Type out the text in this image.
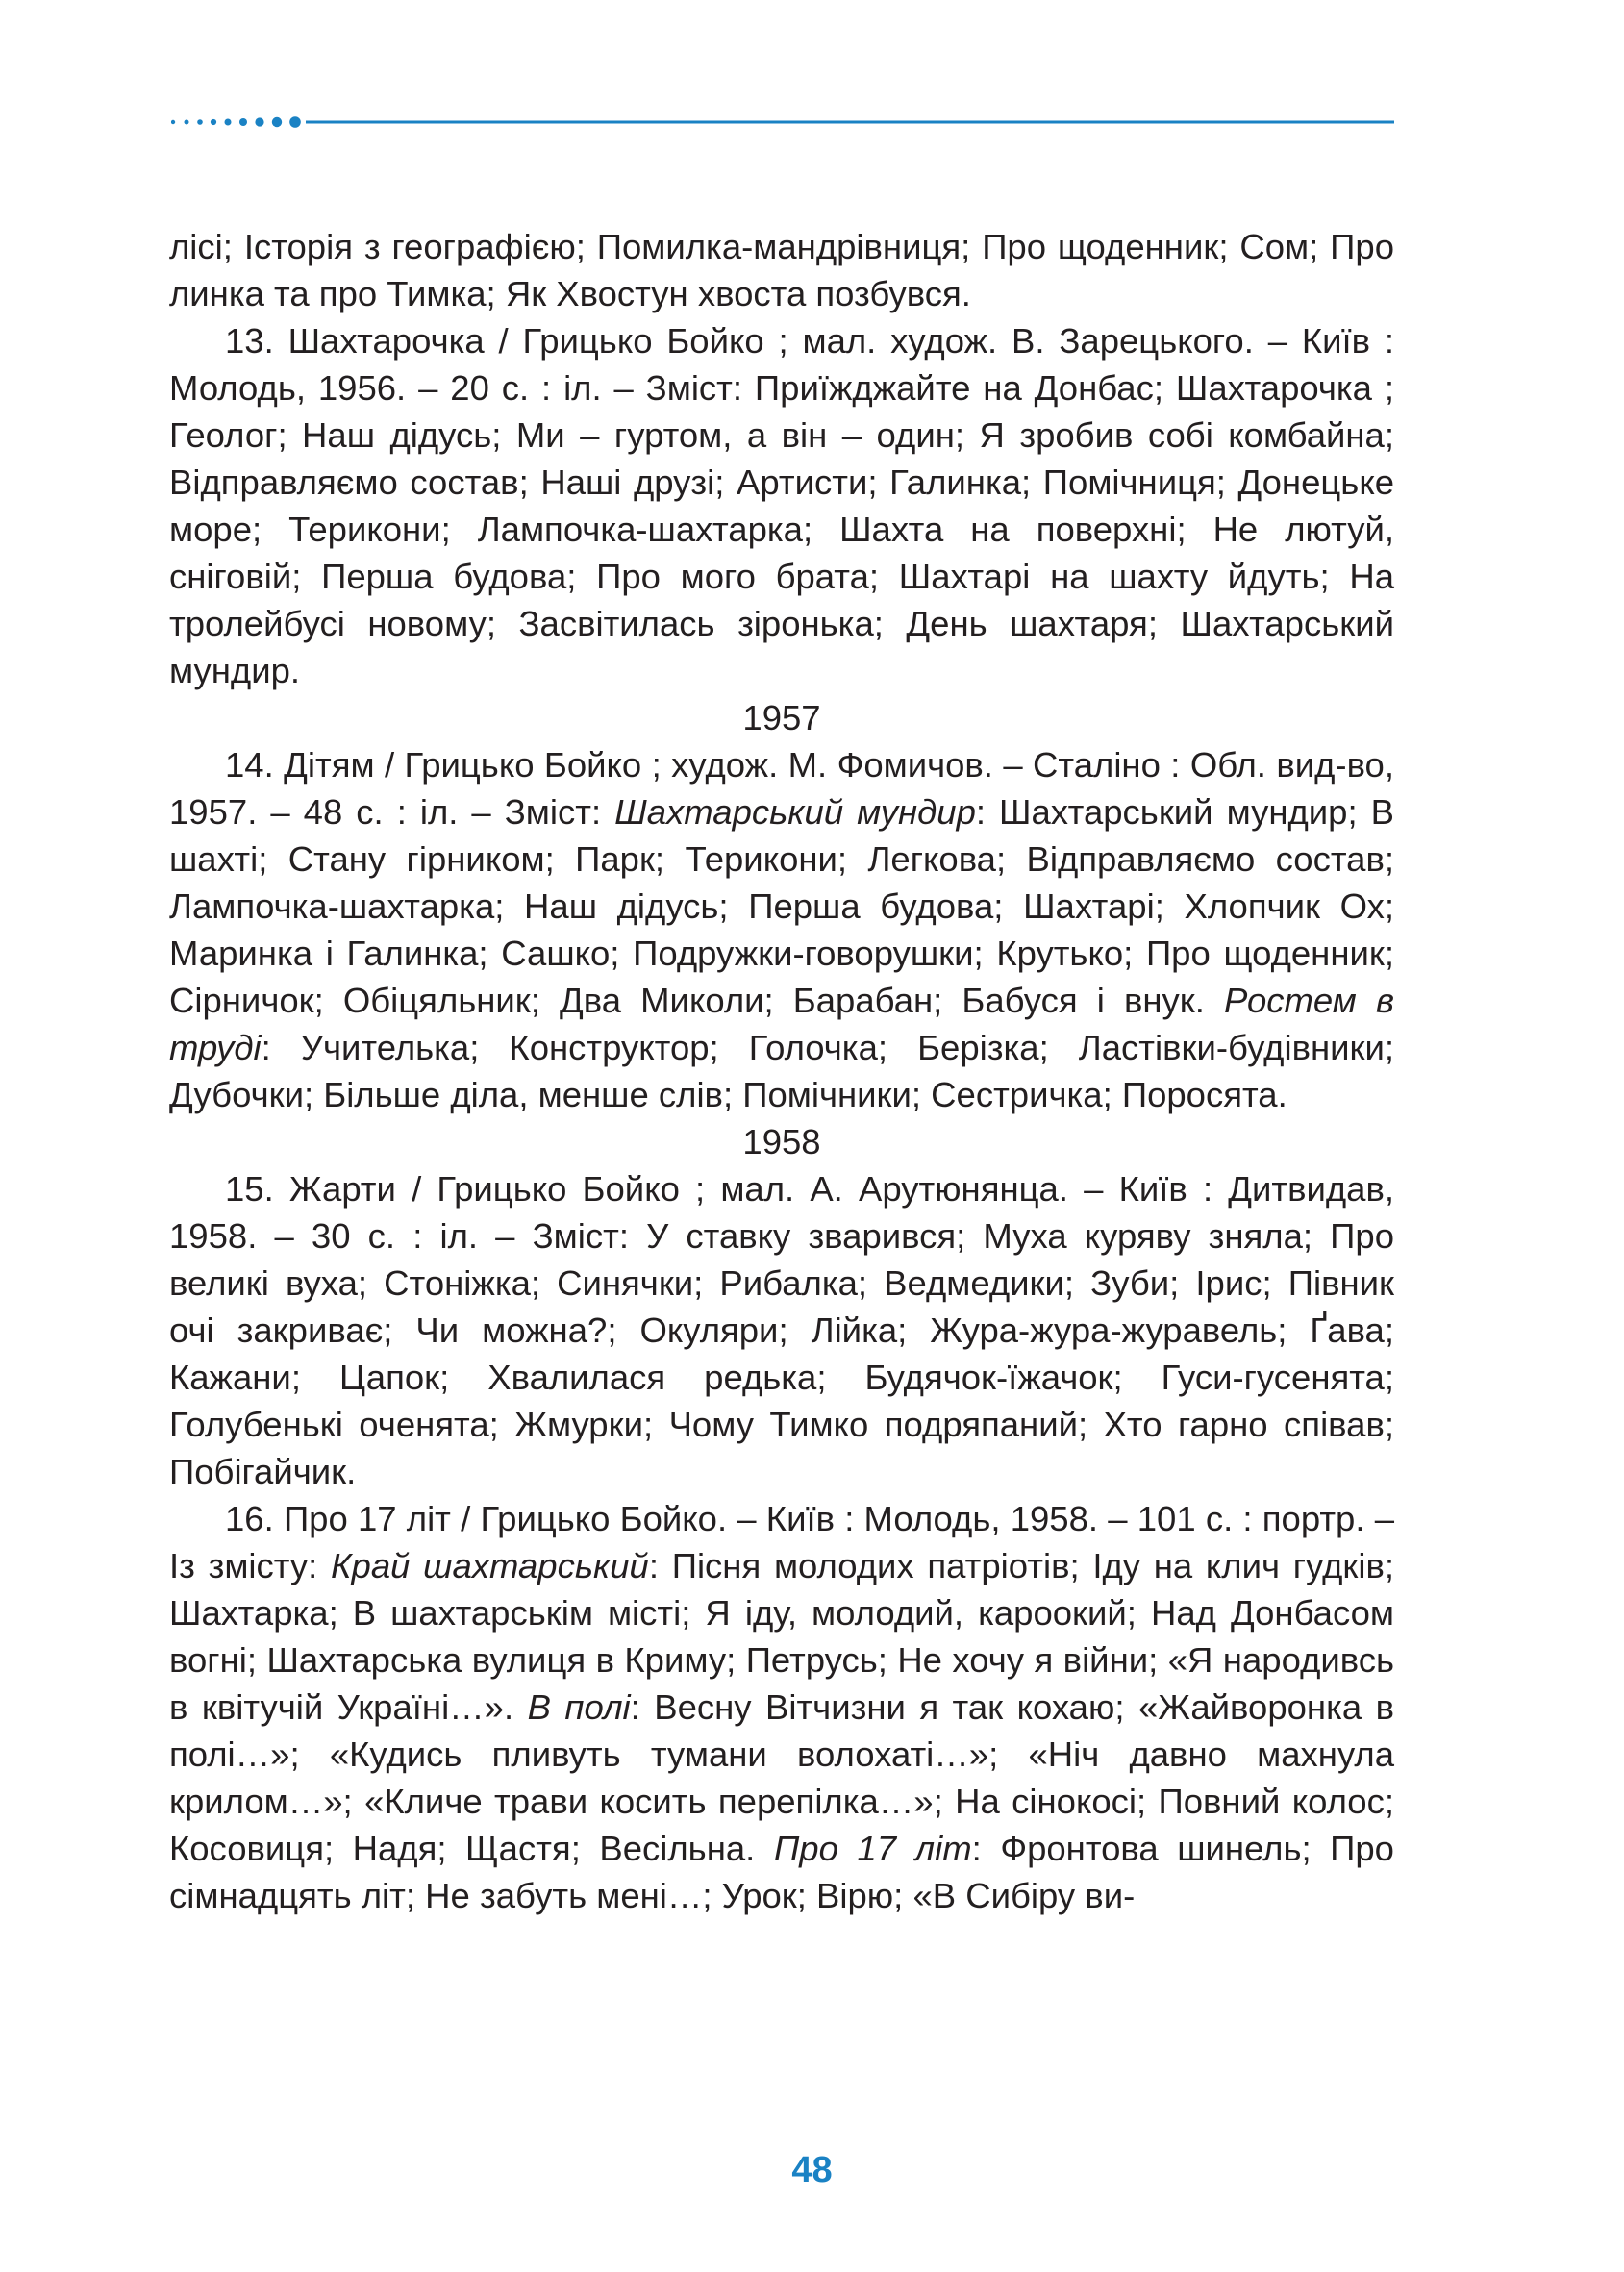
лісі; Історія з географією; Помилка-мандрівниця; Про щоденник; Сом; Про линка та про Тимка; Як Хвостун хвоста позбувся.

13. Шахтарочка / Грицько Бойко ; мал. худож. В. Зарецького. – Київ : Молодь, 1956. – 20 с. : іл. – Зміст: Приїжджайте на Донбас; Шахтарочка ; Геолог; Наш дідусь; Ми – гуртом, а він – один; Я зробив собі комбайна; Відправляємо состав; Наші друзі; Артисти; Галинка; Помічниця; Донецьке море; Терикони; Лампочка-шахтарка; Шахта на поверхні; Не лютуй, сніговій; Перша будова; Про мого брата; Шахтарі на шахту йдуть; На тролейбусі новому; Засвітилась зіронька; День шахтаря; Шахтарський мундир.

1957

14. Дітям / Грицько Бойко ; худож. М. Фомичов. – Сталіно : Обл. вид-во, 1957. – 48 с. : іл. – Зміст: Шахтарський мундир: Шахтарський мундир; В шахті; Стану гірником; Парк; Терикони; Легкова; Відправляємо состав; Лампочка-шахтарка; Наш дідусь; Перша будова; Шахтарі; Хлопчик Ох; Маринка і Галинка; Сашко; Подружки-говорушки; Крутько; Про щоденник; Сірничок; Обіцяльник; Два Миколи; Барабан; Бабуся і внук. Ростем в труді: Учителька; Конструктор; Голочка; Берізка; Ластівки-будівники; Дубочки; Більше діла, менше слів; Помічники; Сестричка; Поросята.

1958

15. Жарти / Грицько Бойко ; мал. А. Арутюнянца. – Київ : Дитвидав, 1958. – 30 с. : іл. – Зміст: У ставку зварився; Муха куряву зняла; Про великі вуха; Стоніжка; Синячки; Рибалка; Ведмедики; Зуби; Ірис; Півник очі закриває; Чи можна?; Окуляри; Лійка; Жура-жура-журавель; Ґава; Кажани; Цапок; Хвалилася редька; Будячок-їжачок; Гуси-гусенята; Голубенькі оченята; Жмурки; Чому Тимко подряпаний; Хто гарно співав; Побігайчик.

16. Про 17 літ / Грицько Бойко. – Київ : Молодь, 1958. – 101 с. : портр. – Із змісту: Край шахтарський: Пісня молодих патріотів; Іду на клич гудків; Шахтарка; В шахтарськім місті; Я іду, молодий, кароокий; Над Донбасом вогні; Шахтарська вулиця в Криму; Петрусь; Не хочу я війни; «Я народивсь в квітучій Україні…». В полі: Весну Вітчизни я так кохаю; «Жайворонка в полі…»; «Кудись пливуть тумани волохаті…»; «Ніч давно махнула крилом…»; «Кличе трави косить перепілка…»; На сінокосі; Повний колос; Косовиця; Надя; Щастя; Весільна. Про 17 літ: Фронтова шинель; Про сімнадцять літ; Не забуть мені…; Урок; Вірю; «В Сибіру ви-

48
